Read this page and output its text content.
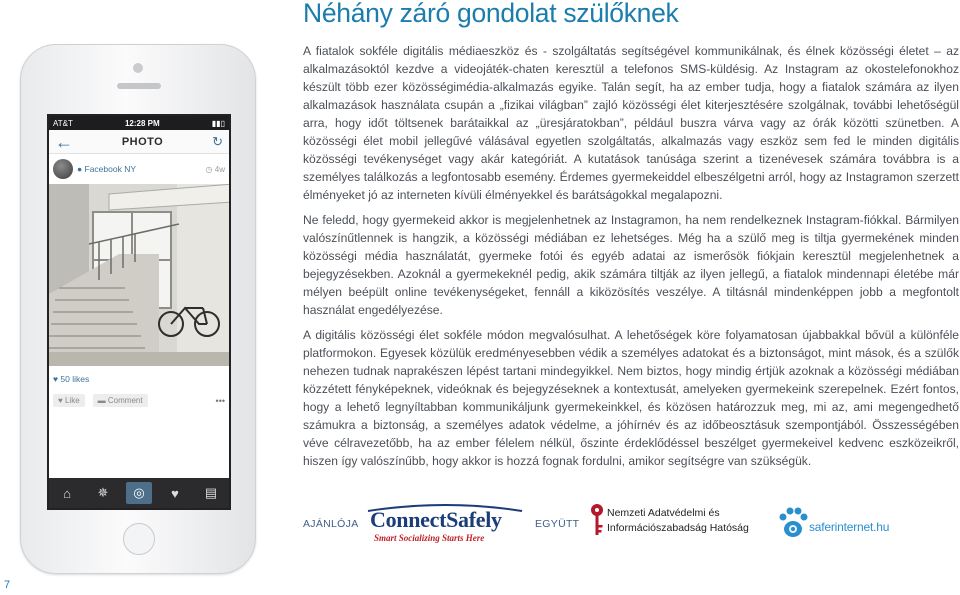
AT&T	12:28 PM	▮▮▯
←	PHOTO	↻
● Facebook NY	◷ 4w
♥ 50 likes
♥ Like	▬ Comment	•••
⌂	✵	◎	♥	▤
Néhány záró gondolat szülőknek

A fiatalok sokféle digitális médiaeszköz és - szolgáltatás segítségével kommunikálnak, és élnek közösségi életet – az alkalmazásoktól kezdve a videojáték-chaten keresztül a telefonos SMS-küldésig. Az Instagram az okostelefonokhoz készült több ezer közösségimédia-alkalmazás egyike. Talán segít, ha az ember tudja, hogy a fiatalok számára az ilyen alkalmazások használata csupán a „fizikai világban” zajló közösségi élet kiterjesztésére szolgálnak, további lehetőségül arra, hogy időt töltsenek barátaikkal az „üresjáratokban”, például buszra várva vagy az órák közötti szünetben. A közösségi élet mobil jellegűvé válásával egyetlen szolgáltatás, alkalmazás vagy eszköz sem fed le minden digitális közösségi tevékenységet vagy akár kategóriát. A kutatások tanúsága szerint a tizenévesek számára továbbra is a személyes találkozás a legfontosabb esemény. Érdemes gyermekeiddel elbeszélgetni arról, hogy az Instagramon szerzett élményeket jó az interneten kívüli élményekkel és barátságokkal megalapozni.

Ne feledd, hogy gyermekeid akkor is megjelenhetnek az Instagramon, ha nem rendelkeznek Instagram-fiókkal. Bármilyen valószínűtlennek is hangzik, a közösségi médiában ez lehetséges. Még ha a szülő meg is tiltja gyermekének minden közösségi média használatát, gyermeke fotói és egyéb adatai az ismerősök fiókjain keresztül megjelenhetnek a bejegyzésekben. Azoknál a gyermekeknél pedig, akik számára tiltják az ilyen jellegű, a fiatalok mindennapi életébe már mélyen beépült online tevékenységeket, fennáll a kiközösítés veszélye. A tiltásnál mindenképpen jobb a megfontolt használat engedélyezése.

A digitális közösségi élet sokféle módon megvalósulhat. A lehetőségek köre folyamatosan újabbakkal bővül a különféle platformokon. Egyesek közülük eredményesebben védik a személyes adatokat és a biztonságot, mint mások, és a szülők nehezen tudnak naprakészen lépést tartani mindegyikkel. Nem biztos, hogy mindig értjük azoknak a közösségi médiában közzétett fényképeknek, videóknak és bejegyzéseknek a kontextusát, amelyeken gyermekeink szerepelnek. Ezért fontos, hogy a lehető legnyíltabban kommunikáljunk gyermekeinkkel, és közösen határozzuk meg, mi az, ami megengedhető számukra a biztonság, a személyes adatok védelme, a jóhírnév és az időbeosztásuk szempontjából. Összességében véve célravezetőbb, ha az ember félelem nélkül, őszinte érdeklődéssel beszélget gyermekeivel kedvenc eszközeikről, hiszen így valószínűbb, hogy akkor is hozzá fognak fordulni, amikor segítségre van szükségük.

AJÁNLÓJA ConnectSafely
Smart Socializing Starts Here
EGYÜTT
Nemzeti Adatvédelmi és
Információszabadság Hatóság	saferinternet.hu
7
